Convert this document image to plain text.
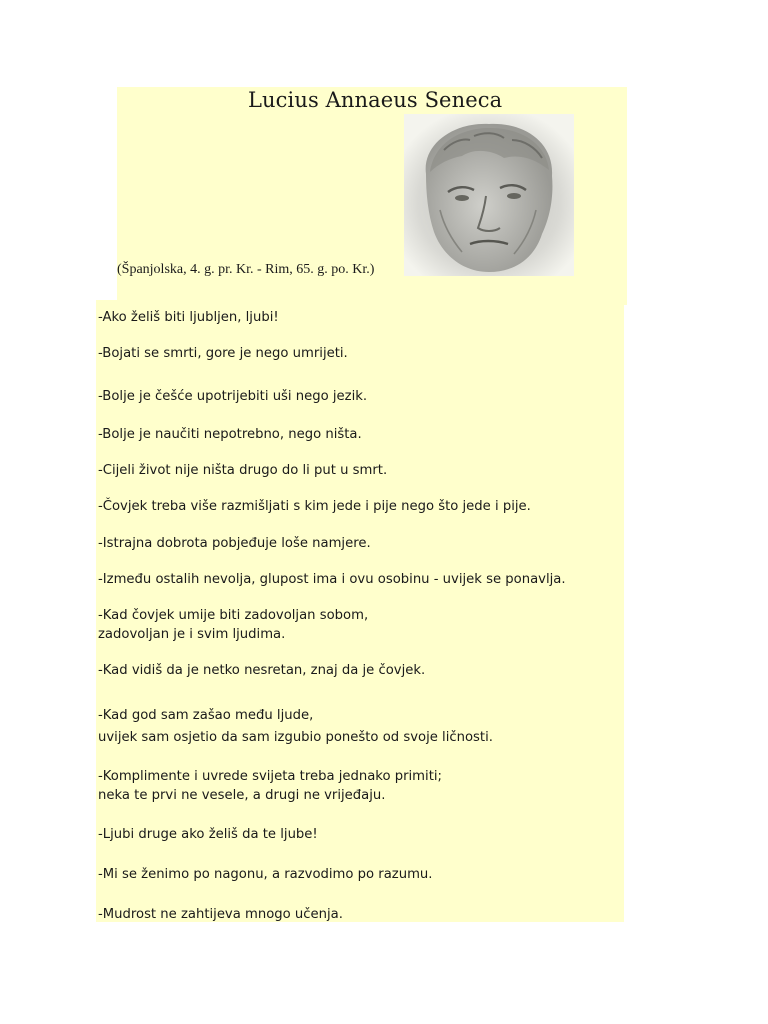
Lucius Annaeus Seneca

(Španjolska, 4. g. pr. Kr. - Rim, 65. g. po. Kr.)

-Ako želiš biti ljubljen, ljubi!

-Bojati se smrti, gore je nego umrijeti.

-Bolje je češće upotrijebiti uši nego jezik.

-Bolje je naučiti nepotrebno, nego ništa.

-Cijeli život nije ništa drugo do li put u smrt.

-Čovjek treba više razmišljati s kim jede i pije nego što jede i pije.

-Istrajna dobrota pobjeđuje loše namjere.

-Između ostalih nevolja, glupost ima i ovu osobinu - uvijek se ponavlja.

-Kad čovjek umije biti zadovoljan sobom,
zadovoljan je i svim ljudima.

-Kad vidiš da je netko nesretan, znaj da je čovjek.

-Kad god sam zašao među ljude,
uvijek sam osjetio da sam izgubio ponešto od svoje ličnosti.

-Komplimente i uvrede svijeta treba jednako primiti;
neka te prvi ne vesele, a drugi ne vrijeđaju.

-Ljubi druge ako želiš da te ljube!

-Mi se ženimo po nagonu, a razvodimo po razumu.

-Mudrost ne zahtijeva mnogo učenja.
